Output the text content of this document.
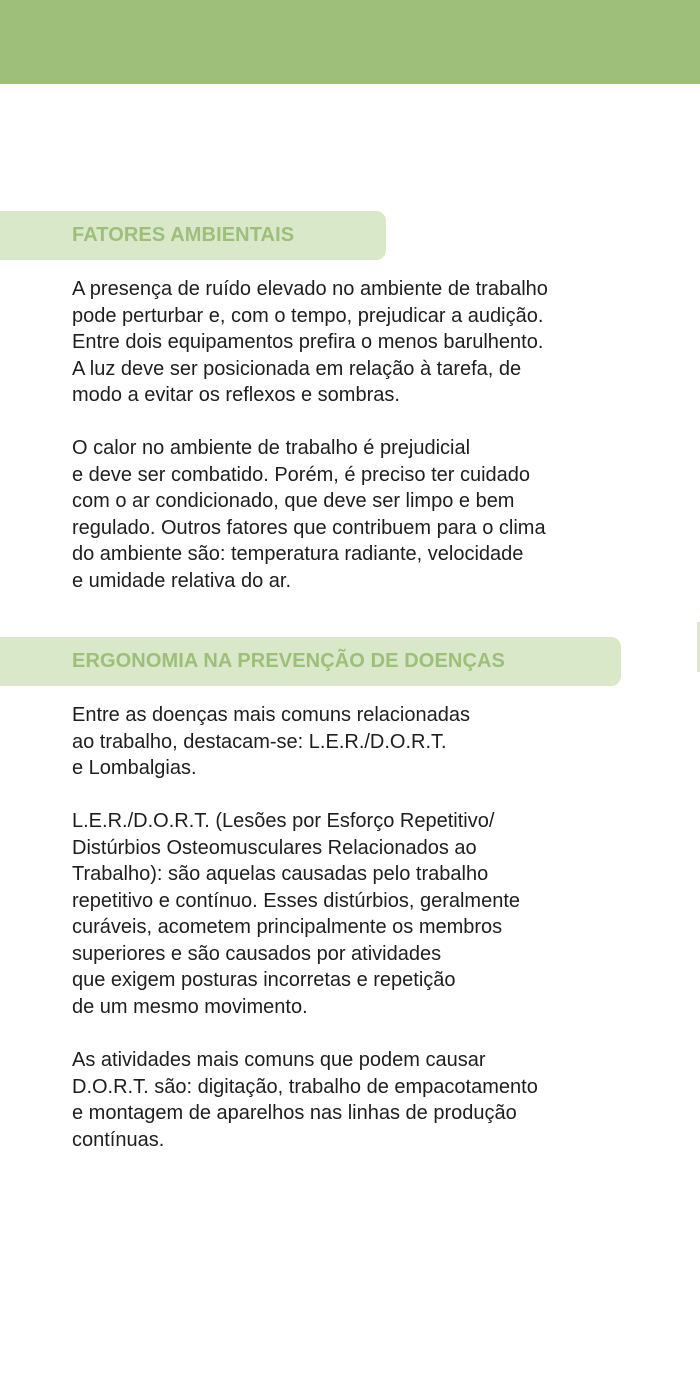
FATORES AMBIENTAIS

A presença de ruído elevado no ambiente de trabalho
pode perturbar e, com o tempo, prejudicar a audição.
Entre dois equipamentos prefira o menos barulhento.
A luz deve ser posicionada em relação à tarefa, de
modo a evitar os reflexos e sombras.

O calor no ambiente de trabalho é prejudicial
e deve ser combatido. Porém, é preciso ter cuidado
com o ar condicionado, que deve ser limpo e bem
regulado. Outros fatores que contribuem para o clima
do ambiente são: temperatura radiante, velocidade
e umidade relativa do ar.

ERGONOMIA NA PREVENÇÃO DE DOENÇAS

Entre as doenças mais comuns relacionadas
ao trabalho, destacam-se: L.E.R./D.O.R.T.
e Lombalgias.

L.E.R./D.O.R.T. (Lesões por Esforço Repetitivo/
Distúrbios Osteomusculares Relacionados ao
Trabalho): são aquelas causadas pelo trabalho
repetitivo e contínuo. Esses distúrbios, geralmente
curáveis, acometem principalmente os membros
superiores e são causados por atividades
que exigem posturas incorretas e repetição
de um mesmo movimento.

As atividades mais comuns que podem causar
D.O.R.T. são: digitação, trabalho de empacotamento
e montagem de aparelhos nas linhas de produção
contínuas.
